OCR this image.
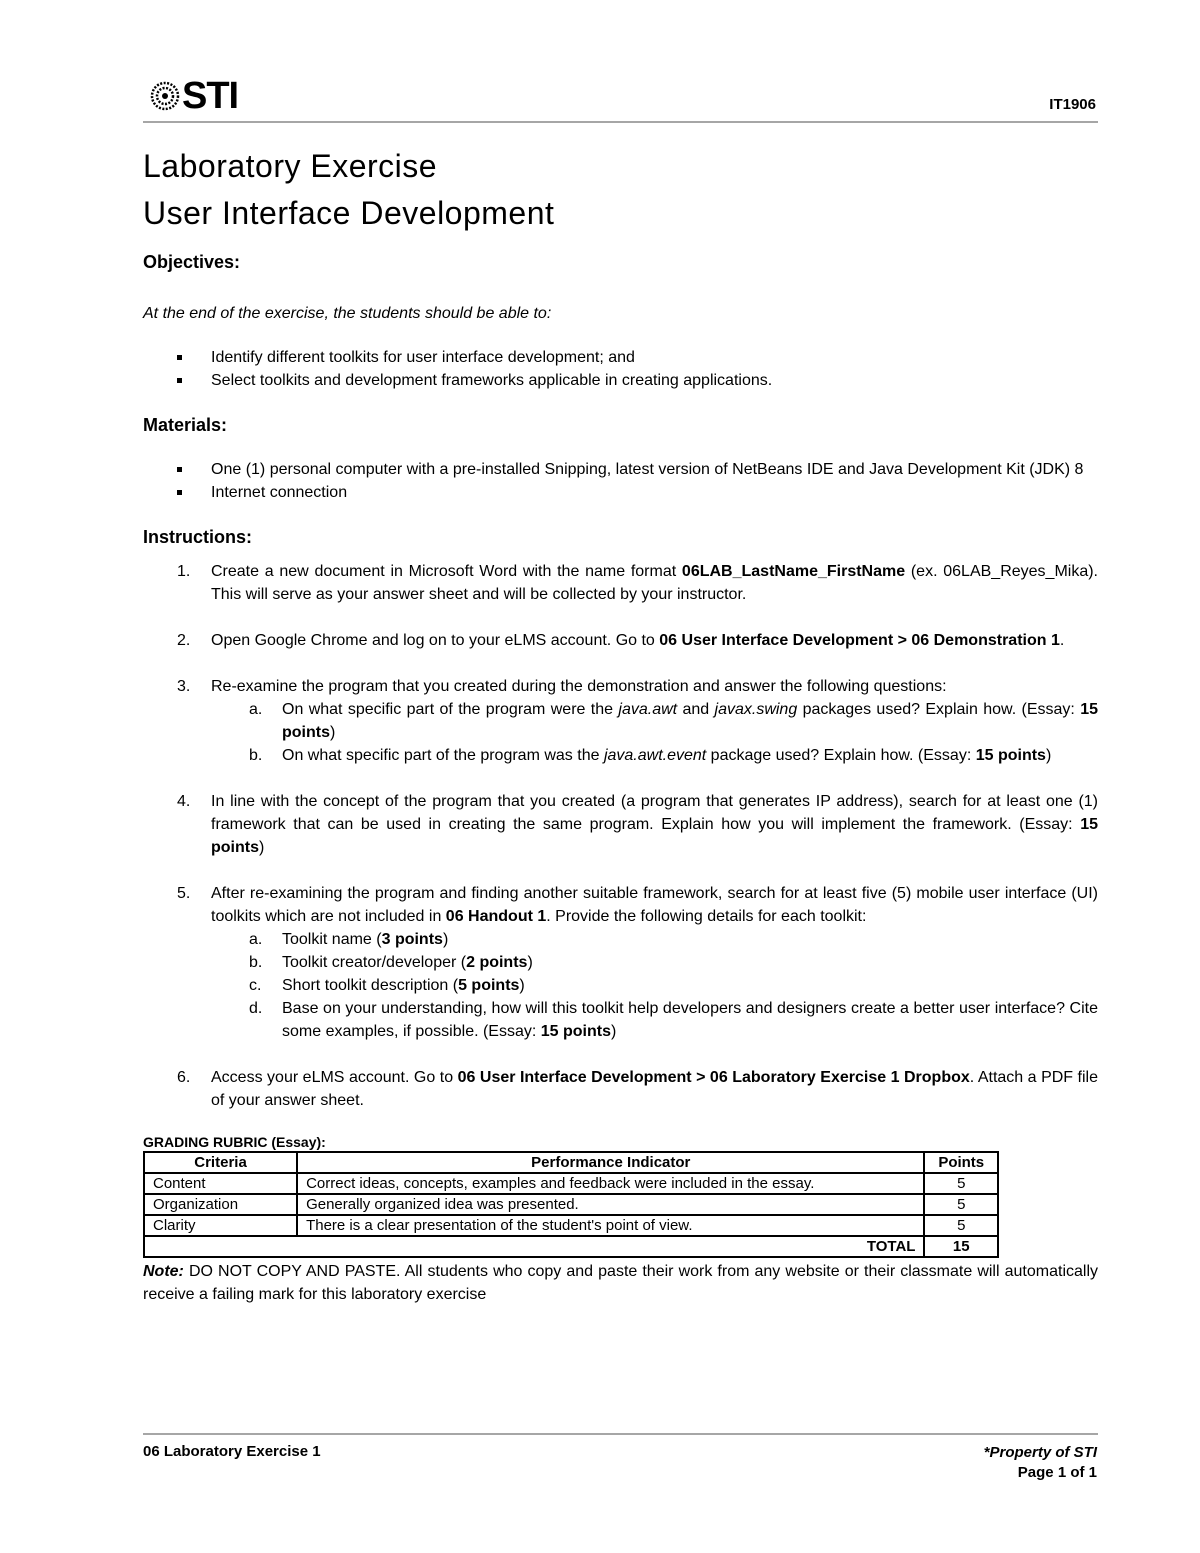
STI	IT1906
Laboratory Exercise
User Interface Development

Objectives:

At the end of the exercise, the students should be able to:

Identify different toolkits for user interface development; and
Select toolkits and development frameworks applicable in creating applications.

Materials:

One (1) personal computer with a pre-installed Snipping, latest version of NetBeans IDE and Java Development Kit (JDK) 8
Internet connection

Instructions:

1. Create a new document in Microsoft Word with the name format 06LAB_LastName_FirstName (ex. 06LAB_Reyes_Mika). This will serve as your answer sheet and will be collected by your instructor.
2. Open Google Chrome and log on to your eLMS account. Go to 06 User Interface Development > 06 Demonstration 1.
3. Re-examine the program that you created during the demonstration and answer the following questions:
a.	On what specific part of the program were the java.awt and javax.swing packages used? Explain how. (Essay: 15 points)
b.	On what specific part of the program was the java.awt.event package used? Explain how. (Essay: 15 points)
4. In line with the concept of the program that you created (a program that generates IP address), search for at least one (1) framework that can be used in creating the same program. Explain how you will implement the framework. (Essay: 15 points)
5. After re-examining the program and finding another suitable framework, search for at least five (5) mobile user interface (UI) toolkits which are not included in 06 Handout 1. Provide the following details for each toolkit:
a.	Toolkit name (3 points)
b.	Toolkit creator/developer (2 points)
c.	Short toolkit description (5 points)
d.	Base on your understanding, how will this toolkit help developers and designers create a better user interface? Cite some examples, if possible. (Essay: 15 points)
6. Access your eLMS account. Go to 06 User Interface Development > 06 Laboratory Exercise 1 Dropbox. Attach a PDF file of your answer sheet.

GRADING RUBRIC (Essay):

Criteria	Performance Indicator	Points
Content	Correct ideas, concepts, examples and feedback were included in the essay.	5
Organization	Generally organized idea was presented.	5
Clarity	There is a clear presentation of the student's point of view.	5
TOTAL		15

Note: DO NOT COPY AND PASTE. All students who copy and paste their work from any website or their classmate will automatically receive a failing mark for this laboratory exercise

06 Laboratory Exercise 1	*Property of STI
Page 1 of 1
